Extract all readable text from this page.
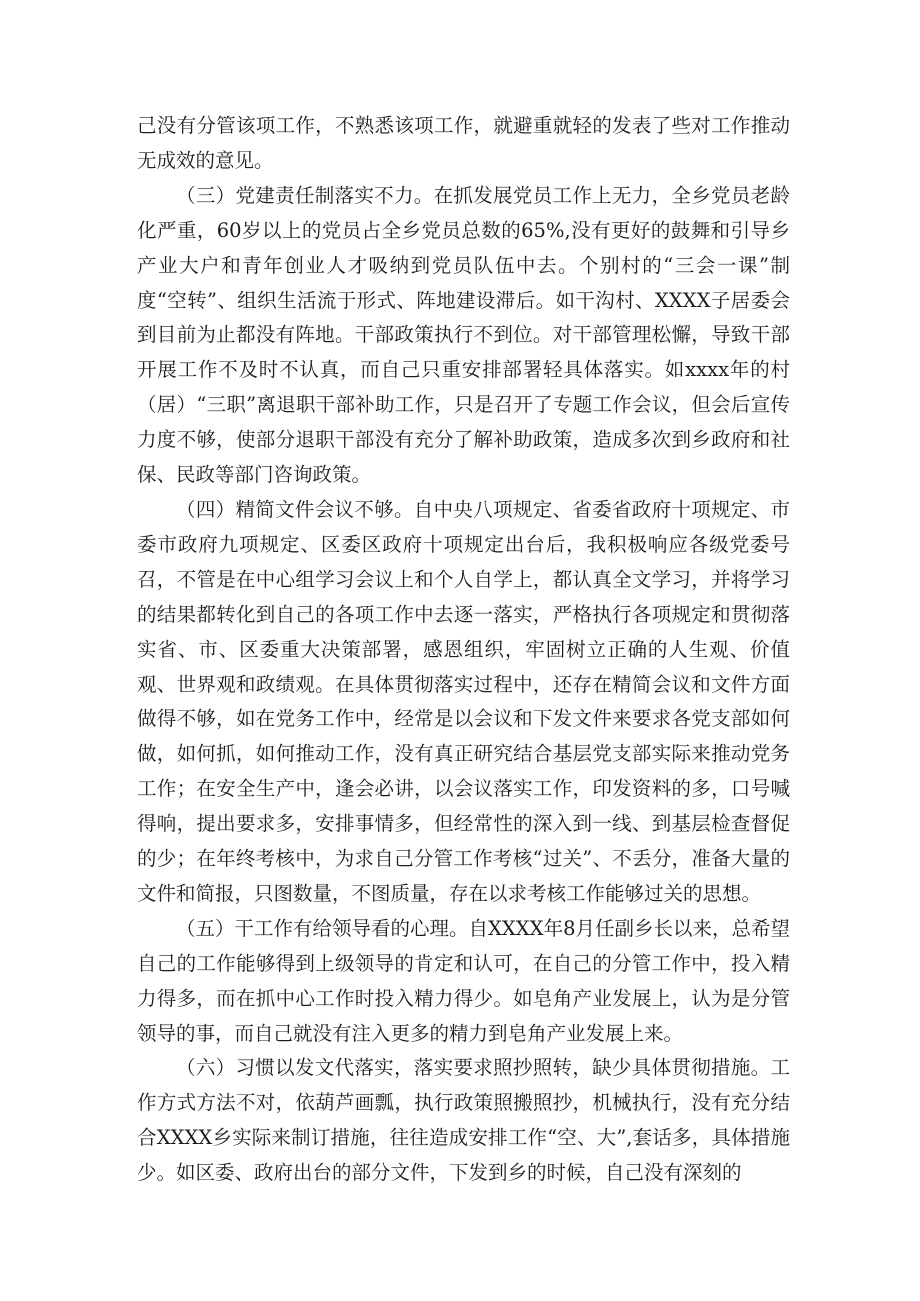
己没有分管该项工作，不熟悉该项工作，就避重就轻的发表了些对工作推动无成效的意见。

（三）党建责任制落实不力。在抓发展党员工作上无力，全乡党员老龄化严重，60岁以上的党员占全乡党员总数的65%,没有更好的鼓舞和引导乡产业大户和青年创业人才吸纳到党员队伍中去。个别村的“三会一课”制度“空转”、组织生活流于形式、阵地建设滞后。如干沟村、XXXX子居委会到目前为止都没有阵地。干部政策执行不到位。对干部管理松懈，导致干部开展工作不及时不认真，而自己只重安排部署轻具体落实。如xxxx年的村（居）“三职”离退职干部补助工作，只是召开了专题工作会议，但会后宣传力度不够，使部分退职干部没有充分了解补助政策，造成多次到乡政府和社保、民政等部门咨询政策。

（四）精简文件会议不够。自中央八项规定、省委省政府十项规定、市委市政府九项规定、区委区政府十项规定出台后，我积极响应各级党委号召，不管是在中心组学习会议上和个人自学上，都认真全文学习，并将学习的结果都转化到自己的各项工作中去逐一落实，严格执行各项规定和贯彻落实省、市、区委重大决策部署，感恩组织，牢固树立正确的人生观、价值观、世界观和政绩观。在具体贯彻落实过程中，还存在精简会议和文件方面做得不够，如在党务工作中，经常是以会议和下发文件来要求各党支部如何做，如何抓，如何推动工作，没有真正研究结合基层党支部实际来推动党务工作；在安全生产中，逢会必讲，以会议落实工作，印发资料的多，口号喊得响，提出要求多，安排事情多，但经常性的深入到一线、到基层检查督促的少；在年终考核中，为求自己分管工作考核“过关”、不丢分，准备大量的文件和简报，只图数量，不图质量，存在以求考核工作能够过关的思想。

（五）干工作有给领导看的心理。自XXXX年8月任副乡长以来，总希望自己的工作能够得到上级领导的肯定和认可，在自己的分管工作中，投入精力得多，而在抓中心工作时投入精力得少。如皂角产业发展上，认为是分管领导的事，而自己就没有注入更多的精力到皂角产业发展上来。

（六）习惯以发文代落实，落实要求照抄照转，缺少具体贯彻措施。工作方式方法不对，依葫芦画瓢，执行政策照搬照抄，机械执行，没有充分结合XXXX乡实际来制订措施，往往造成安排工作“空、大”,套话多，具体措施少。如区委、政府出台的部分文件，下发到乡的时候，自己没有深刻的
